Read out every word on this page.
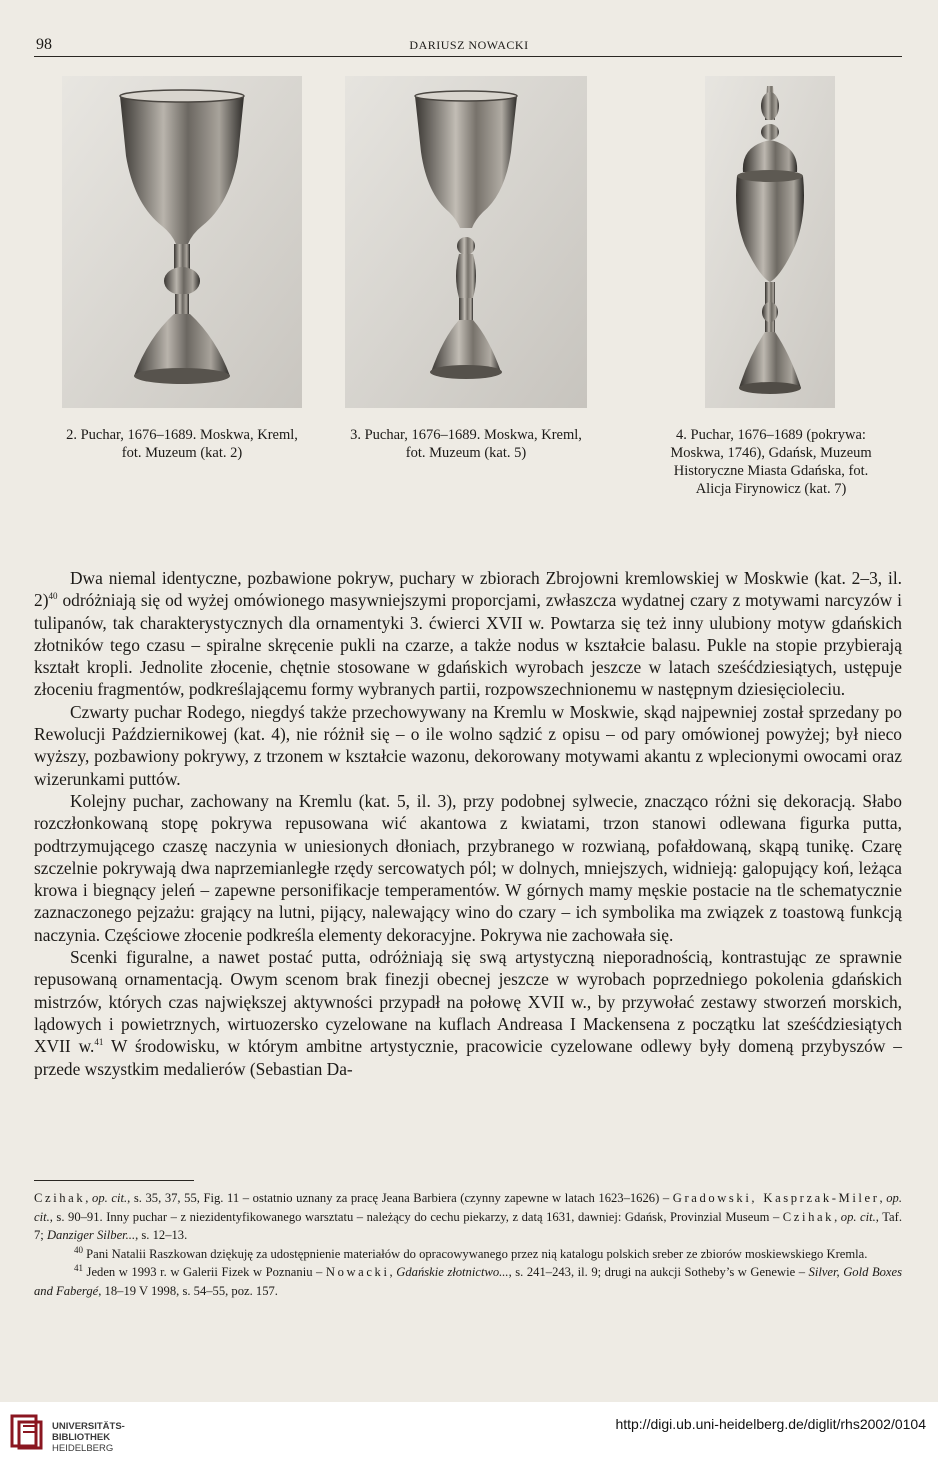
98	DARIUSZ NOWACKI
2. Puchar, 1676–1689. Moskwa, Kreml,
fot. Muzeum (kat. 2)
3. Puchar, 1676–1689. Moskwa, Kreml,
fot. Muzeum (kat. 5)
4. Puchar, 1676–1689 (pokrywa:
Moskwa, 1746), Gdańsk, Muzeum
Historyczne Miasta Gdańska, fot.
Alicja Firynowicz (kat. 7)

Dwa niemal identyczne, pozbawione pokryw, puchary w zbiorach Zbrojowni kremlowskiej w Moskwie (kat. 2–3, il. 2)$^{40}$ odróżniają się od wyżej omówionego masywniejszymi proporcjami, zwłaszcza wydatnej czary z motywami narcyzów i tulipanów, tak charakterystycznych dla ornamentyki 3. ćwierci XVII w. Powtarza się też inny ulubiony motyw gdańskich złotników tego czasu – spiralne skręcenie pukli na czarze, a także nodus w kształcie balasu. Pukle na stopie przybierają kształt kropli. Jednolite złocenie, chętnie stosowane w gdańskich wyrobach jeszcze w latach sześćdziesiątych, ustępuje złoceniu fragmentów, podkreślającemu formy wybranych partii, rozpowszechnionemu w następnym dziesięcioleciu.

Czwarty puchar Rodego, niegdyś także przechowywany na Kremlu w Moskwie, skąd najpewniej został sprzedany po Rewolucji Październikowej (kat. 4), nie różnił się – o ile wolno sądzić z opisu – od pary omówionej powyżej; był nieco wyższy, pozbawiony pokrywy, z trzonem w kształcie wazonu, dekorowany motywami akantu z wplecionymi owocami oraz wizerunkami puttów.

Kolejny puchar, zachowany na Kremlu (kat. 5, il. 3), przy podobnej sylwecie, znacząco różni się dekoracją. Słabo rozczłonkowaną stopę pokrywa repusowana wić akantowa z kwiatami, trzon stanowi odlewana figurka putta, podtrzymującego czaszę naczynia w uniesionych dłoniach, przybranego w rozwianą, pofałdowaną, skąpą tunikę. Czarę szczelnie pokrywają dwa naprzemianległe rzędy sercowatych pól; w dolnych, mniejszych, widnieją: galopujący koń, leżąca krowa i biegnący jeleń – zapewne personifikacje temperamentów. W górnych mamy męskie postacie na tle schematycznie zaznaczonego pejzażu: grający na lutni, pijący, nalewający wino do czary – ich symbolika ma związek z toastową funkcją naczynia. Częściowe złocenie podkreśla elementy dekoracyjne. Pokrywa nie zachowała się.

Scenki figuralne, a nawet postać putta, odróżniają się swą artystyczną nieporadnością, kontrastując ze sprawnie repusowaną ornamentacją. Owym scenom brak finezji obecnej jeszcze w wyrobach poprzedniego pokolenia gdańskich mistrzów, których czas największej aktywności przypadł na połowę XVII w., by przywołać zestawy stworzeń morskich, lądowych i powietrznych, wirtuozersko cyzelowane na kuflach Andreasa I Mackensena z początku lat sześćdziesiątych XVII w.$^{41}$ W środowisku, w którym ambitne artystycznie, pracowicie cyzelowane odlewy były domeną przybyszów – przede wszystkim medalierów (Sebastian Da-

Czihak, op. cit., s. 35, 37, 55, Fig. 11 – ostatnio uznany za pracę Jeana Barbiera (czynny zapewne w latach 1623–1626) – Gradowski, Kasprzak-Miler, op. cit., s. 90–91. Inny puchar – z niezidentyfikowanego warsztatu – należący do cechu piekarzy, z datą 1631, dawniej: Gdańsk, Provinzial Museum – Czihak, op. cit., Taf. 7; Danziger Silber..., s. 12–13.

$^{40}$ Pani Natalii Raszkowan dziękuję za udostępnienie materiałów do opracowywanego przez nią katalogu polskich sreber ze zbiorów moskiewskiego Kremla.

$^{41}$ Jeden w 1993 r. w Galerii Fizek w Poznaniu – Nowacki, Gdańskie złotnictwo..., s. 241–243, il. 9; drugi na aukcji Sotheby’s w Genewie – Silver, Gold Boxes and Fabergé, 18–19 V 1998, s. 54–55, poz. 157.

UNIVERSITÄTS-
BIBLIOTHEK
HEIDELBERG
http://digi.ub.uni-heidelberg.de/diglit/rhs2002/0104
